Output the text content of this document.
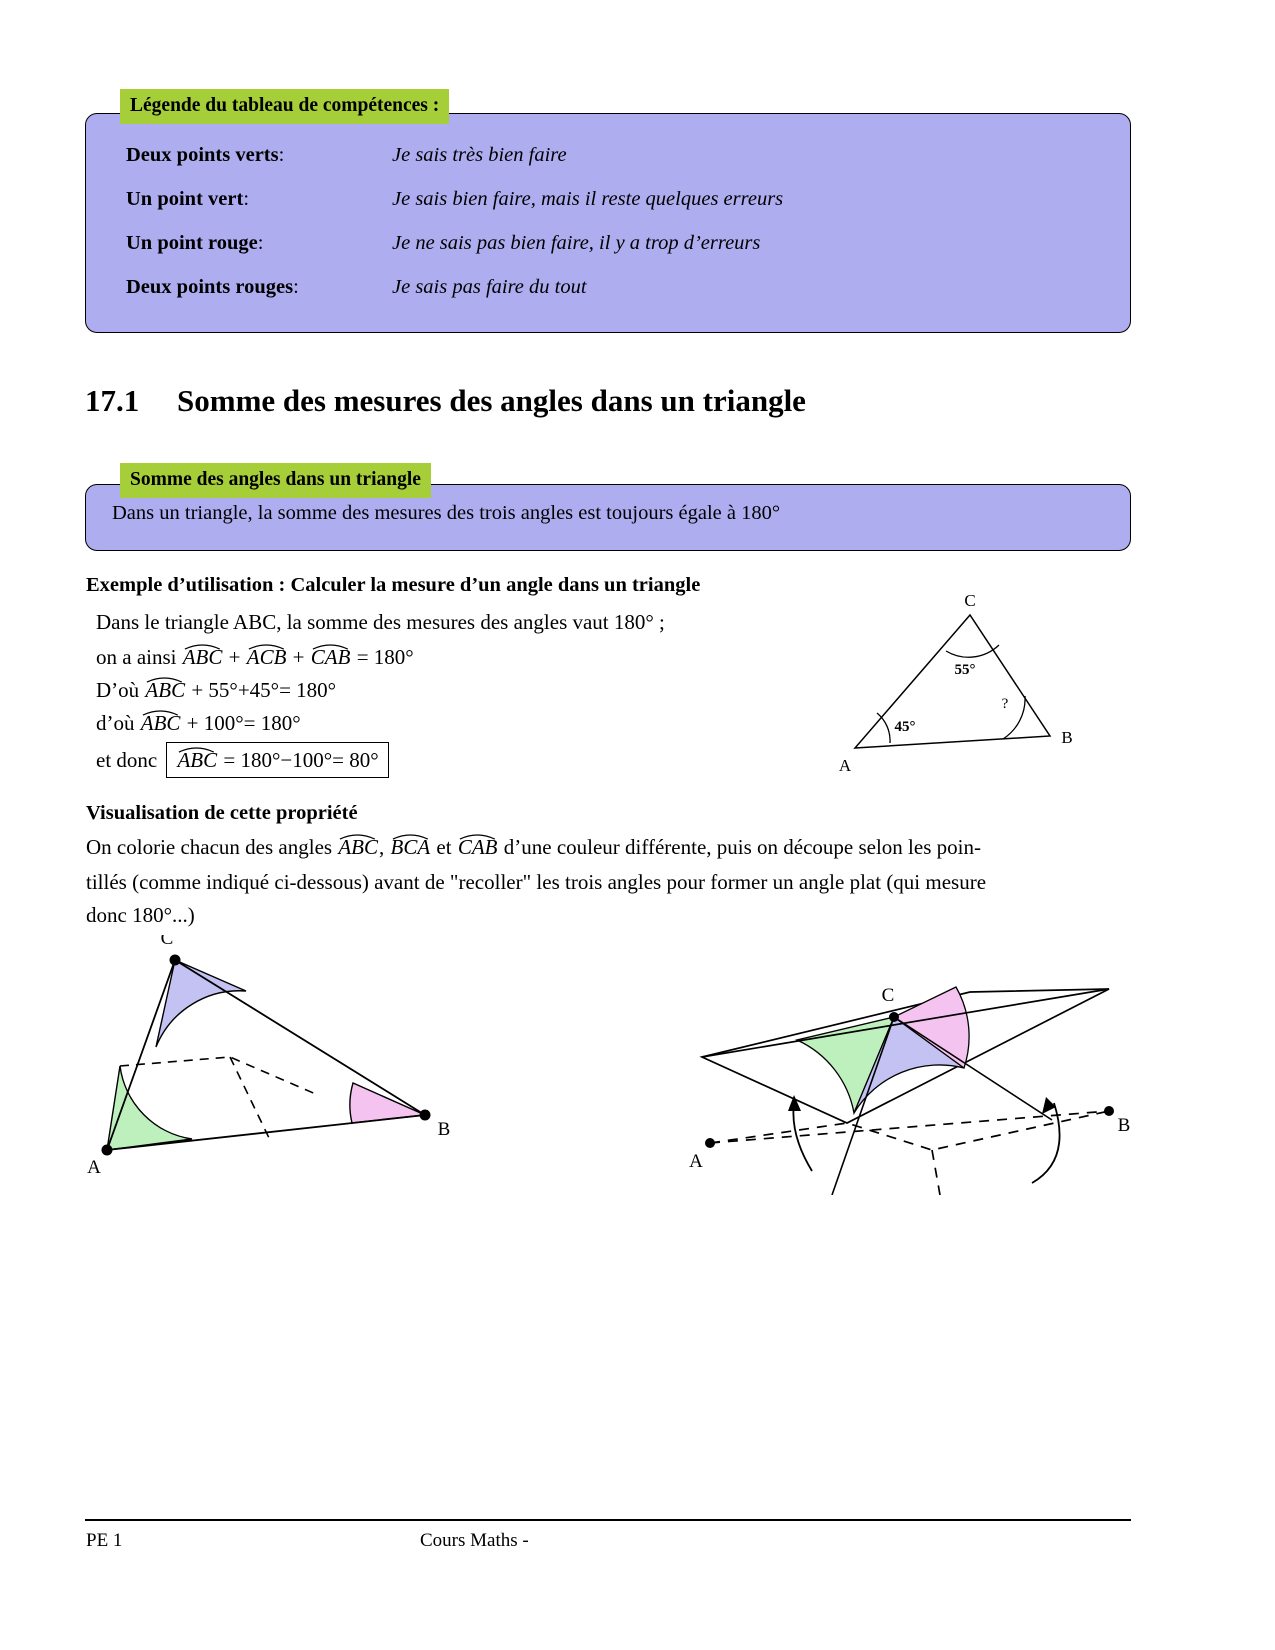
Deux points verts:	Je sais très bien faire
Un point vert:	Je sais bien faire, mais il reste quelques erreurs
Un point rouge:	Je ne sais pas bien faire, il y a trop d’erreurs
Deux points rouges:	Je sais pas faire du tout
Légende du tableau de compétences :
17.1 Somme des mesures des angles dans un triangle
Dans un triangle, la somme des mesures des trois angles est toujours égale à 180°
Somme des angles dans un triangle
Exemple d’utilisation : Calculer la mesure d’un angle dans un triangle
Dans le triangle ABC, la somme des mesures des angles vaut 180° ;
on a ainsi ABC + ACB + CAB = 180°
D’où ABC + 55°+45°= 180°
d’où ABC + 100°= 180°
et donc ABC = 180°−100°= 80°
C
A
B
55°
45°
?
Visualisation de cette propriété
On colorie chacun des angles ABC, BCA et CAB d’une couleur différente, puis on découpe selon les poin-
tillés (comme indiqué ci-dessous) avant de "recoller" les trois angles pour former un angle plat (qui mesure
donc 180°...)
C
B
A
C
A
B
PE 1	Cours Maths -
